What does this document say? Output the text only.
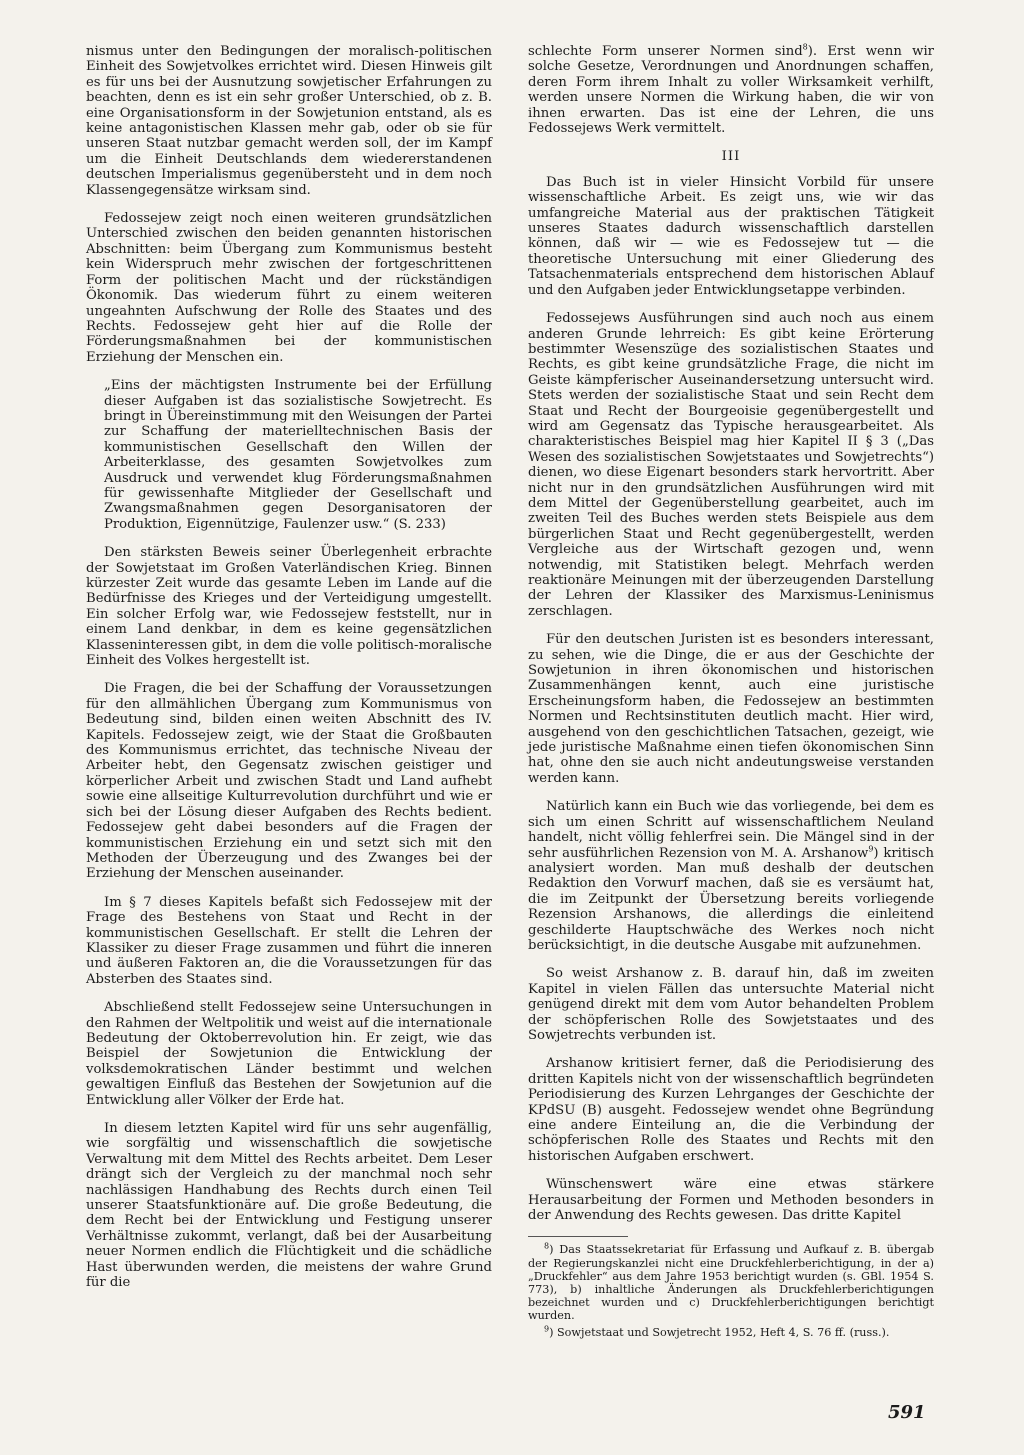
nismus unter den Bedingungen der moralisch-politischen Einheit des Sowjetvolkes errichtet wird. Diesen Hinweis gilt es für uns bei der Ausnutzung sowjetischer Erfahrungen zu beachten, denn es ist ein sehr großer Unterschied, ob z. B. eine Organisationsform in der Sowjetunion entstand, als es keine antagonistischen Klassen mehr gab, oder ob sie für unseren Staat nutzbar gemacht werden soll, der im Kampf um die Einheit Deutschlands dem wiedererstandenen deutschen Imperialismus gegenübersteht und in dem noch Klassengegensätze wirksam sind.

Fedossejew zeigt noch einen weiteren grundsätzlichen Unterschied zwischen den beiden genannten historischen Abschnitten: beim Übergang zum Kommunismus besteht kein Widerspruch mehr zwischen der fortgeschrittenen Form der politischen Macht und der rückständigen Ökonomik. Das wiederum führt zu einem weiteren ungeahnten Aufschwung der Rolle des Staates und des Rechts. Fedossejew geht hier auf die Rolle der Förderungsmaßnahmen bei der kommunistischen Erziehung der Menschen ein.

„Eins der mächtigsten Instrumente bei der Erfüllung dieser Aufgaben ist das sozialistische Sowjetrecht. Es bringt in Übereinstimmung mit den Weisungen der Partei zur Schaffung der materielltechnischen Basis der kommunistischen Gesellschaft den Willen der Arbeiterklasse, des gesamten Sowjetvolkes zum Ausdruck und verwendet klug Förderungsmaßnahmen für gewissenhafte Mitglieder der Gesellschaft und Zwangsmaßnahmen gegen Desorganisatoren der Produktion, Eigennützige, Faulenzer usw.“ (S. 233)

Den stärksten Beweis seiner Überlegenheit erbrachte der Sowjetstaat im Großen Vaterländischen Krieg. Binnen kürzester Zeit wurde das gesamte Leben im Lande auf die Bedürfnisse des Krieges und der Verteidigung umgestellt. Ein solcher Erfolg war, wie Fedossejew feststellt, nur in einem Land denkbar, in dem es keine gegensätzlichen Klasseninteressen gibt, in dem die volle politisch-moralische Einheit des Volkes hergestellt ist.

Die Fragen, die bei der Schaffung der Voraussetzungen für den allmählichen Übergang zum Kommunismus von Bedeutung sind, bilden einen weiten Abschnitt des IV. Kapitels. Fedossejew zeigt, wie der Staat die Großbauten des Kommunismus errichtet, das technische Niveau der Arbeiter hebt, den Gegensatz zwischen geistiger und körperlicher Arbeit und zwischen Stadt und Land aufhebt sowie eine allseitige Kulturrevolution durchführt und wie er sich bei der Lösung dieser Aufgaben des Rechts bedient. Fedossejew geht dabei besonders auf die Fragen der kommunistischen Erziehung ein und setzt sich mit den Methoden der Überzeugung und des Zwanges bei der Erziehung der Menschen auseinander.

Im § 7 dieses Kapitels befaßt sich Fedossejew mit der Frage des Bestehens von Staat und Recht in der kommunistischen Gesellschaft. Er stellt die Lehren der Klassiker zu dieser Frage zusammen und führt die inneren und äußeren Faktoren an, die die Voraussetzungen für das Absterben des Staates sind.

Abschließend stellt Fedossejew seine Untersuchungen in den Rahmen der Weltpolitik und weist auf die internationale Bedeutung der Oktoberrevolution hin. Er zeigt, wie das Beispiel der Sowjetunion die Entwicklung der volksdemokratischen Länder bestimmt und welchen gewaltigen Einfluß das Bestehen der Sowjetunion auf die Entwicklung aller Völker der Erde hat.

In diesem letzten Kapitel wird für uns sehr augenfällig, wie sorgfältig und wissenschaftlich die sowjetische Verwaltung mit dem Mittel des Rechts arbeitet. Dem Leser drängt sich der Vergleich zu der manchmal noch sehr nachlässigen Handhabung des Rechts durch einen Teil unserer Staatsfunktionäre auf. Die große Bedeutung, die dem Recht bei der Entwicklung und Festigung unserer Verhältnisse zukommt, verlangt, daß bei der Ausarbeitung neuer Normen endlich die Flüchtigkeit und die schädliche Hast überwunden werden, die meistens der wahre Grund für die

schlechte Form unserer Normen sind$^8$). Erst wenn wir solche Gesetze, Verordnungen und Anordnungen schaffen, deren Form ihrem Inhalt zu voller Wirksamkeit verhilft, werden unsere Normen die Wirkung haben, die wir von ihnen erwarten. Das ist eine der Lehren, die uns Fedossejews Werk vermittelt.

III

Das Buch ist in vieler Hinsicht Vorbild für unsere wissenschaftliche Arbeit. Es zeigt uns, wie wir das umfangreiche Material aus der praktischen Tätigkeit unseres Staates dadurch wissenschaftlich darstellen können, daß wir — wie es Fedossejew tut — die theoretische Untersuchung mit einer Gliederung des Tatsachenmaterials entsprechend dem historischen Ablauf und den Aufgaben jeder Entwicklungsetappe verbinden.

Fedossejews Ausführungen sind auch noch aus einem anderen Grunde lehrreich: Es gibt keine Erörterung bestimmter Wesenszüge des sozialistischen Staates und Rechts, es gibt keine grundsätzliche Frage, die nicht im Geiste kämpferischer Auseinandersetzung untersucht wird. Stets werden der sozialistische Staat und sein Recht dem Staat und Recht der Bourgeoisie gegenübergestellt und wird am Gegensatz das Typische herausgearbeitet. Als charakteristisches Beispiel mag hier Kapitel II § 3 („Das Wesen des sozialistischen Sowjetstaates und Sowjetrechts“) dienen, wo diese Eigenart besonders stark hervortritt. Aber nicht nur in den grundsätzlichen Ausführungen wird mit dem Mittel der Gegenüberstellung gearbeitet, auch im zweiten Teil des Buches werden stets Beispiele aus dem bürgerlichen Staat und Recht gegenübergestellt, werden Vergleiche aus der Wirtschaft gezogen und, wenn notwendig, mit Statistiken belegt. Mehrfach werden reaktionäre Meinungen mit der überzeugenden Darstellung der Lehren der Klassiker des Marxismus-Leninismus zerschlagen.

Für den deutschen Juristen ist es besonders interessant, zu sehen, wie die Dinge, die er aus der Geschichte der Sowjetunion in ihren ökonomischen und historischen Zusammenhängen kennt, auch eine juristische Erscheinungsform haben, die Fedossejew an bestimmten Normen und Rechtsinstituten deutlich macht. Hier wird, ausgehend von den geschichtlichen Tatsachen, gezeigt, wie jede juristische Maßnahme einen tiefen ökonomischen Sinn hat, ohne den sie auch nicht andeutungsweise verstanden werden kann.

Natürlich kann ein Buch wie das vorliegende, bei dem es sich um einen Schritt auf wissenschaftlichem Neuland handelt, nicht völlig fehlerfrei sein. Die Mängel sind in der sehr ausführlichen Rezension von M. A. Arshanow$^9$) kritisch analysiert worden. Man muß deshalb der deutschen Redaktion den Vorwurf machen, daß sie es versäumt hat, die im Zeitpunkt der Übersetzung bereits vorliegende Rezension Arshanows, die allerdings die einleitend geschilderte Hauptschwäche des Werkes noch nicht berücksichtigt, in die deutsche Ausgabe mit aufzunehmen.

So weist Arshanow z. B. darauf hin, daß im zweiten Kapitel in vielen Fällen das untersuchte Material nicht genügend direkt mit dem vom Autor behandelten Problem der schöpferischen Rolle des Sowjetstaates und des Sowjetrechts verbunden ist.

Arshanow kritisiert ferner, daß die Periodisierung des dritten Kapitels nicht von der wissenschaftlich begründeten Periodisierung des Kurzen Lehrganges der Geschichte der KPdSU (B) ausgeht. Fedossejew wendet ohne Begründung eine andere Einteilung an, die die Verbindung der schöpferischen Rolle des Staates und Rechts mit den historischen Aufgaben erschwert.

Wünschenswert wäre eine etwas stärkere Herausarbeitung der Formen und Methoden besonders in der Anwendung des Rechts gewesen. Das dritte Kapitel

$^8$) Das Staatssekretariat für Erfassung und Aufkauf z. B. übergab der Regierungskanzlei nicht eine Druckfehlerberichtigung, in der a) „Druckfehler“ aus dem Jahre 1953 berichtigt wurden (s. GBl. 1954 S. 773), b) inhaltliche Änderungen als Druckfehlerberichtigungen bezeichnet wurden und c) Druckfehlerberichtigungen berichtigt wurden.
$^9$) Sowjetstaat und Sowjetrecht 1952, Heft 4, S. 76 ff. (russ.).
591
